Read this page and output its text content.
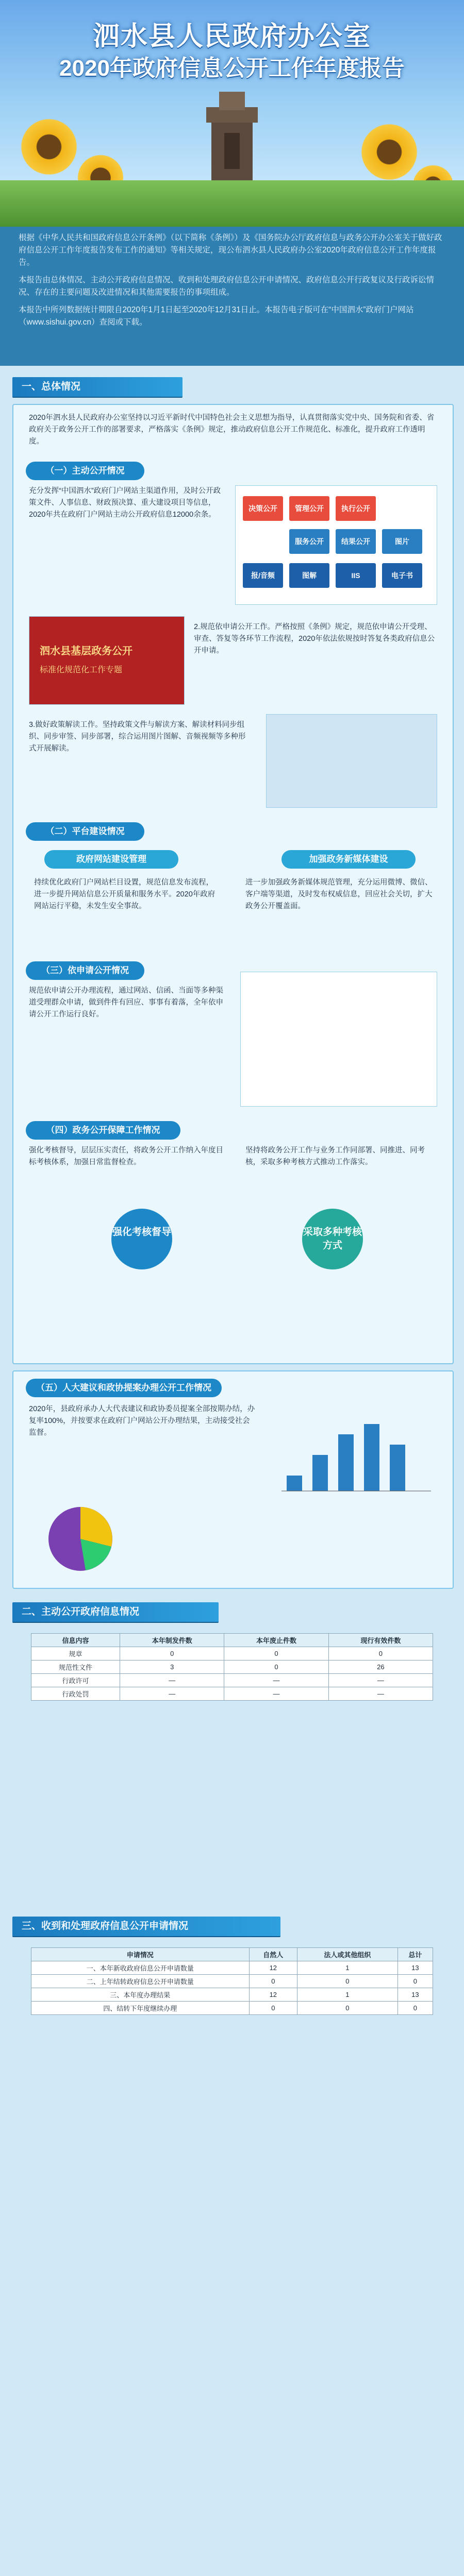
泗水县人民政府办公室
2020年政府信息公开工作年度报告

根据《中华人民共和国政府信息公开条例》（以下简称《条例》）及《国务院办公厅政府信息与政务公开办公室关于做好政府信息公开工作年度报告发布工作的通知》等相关规定，现公布泗水县人民政府办公室2020年政府信息公开工作年度报告。

本报告由总体情况、主动公开政府信息情况、收到和处理政府信息公开申请情况、政府信息公开行政复议及行政诉讼情况、存在的主要问题及改进情况和其他需要报告的事项组成。

本报告中所列数据统计期限自2020年1月1日起至2020年12月31日止。本报告电子版可在“中国泗水”政府门户网站（www.sishui.gov.cn）查阅或下载。

一、总体情况
2020年泗水县人民政府办公室坚持以习近平新时代中国特色社会主义思想为指导，认真贯彻落实党中央、国务院和省委、省政府关于政务公开工作的部署要求，严格落实《条例》规定，推动政府信息公开工作规范化、标准化，提升政府工作透明度。
（一）主动公开情况
充分发挥“中国泗水”政府门户网站主渠道作用，及时公开政策文件、人事信息、财政预决算、重大建设项目等信息，2020年共在政府门户网站主动公开政府信息12000余条。
决策公开	管理公开	执行公开
服务公开	结果公开	图片
报/音频	图解	IIS	电子书
泗水县基层政务公开
标准化规范化工作专题
2.规范依申请公开工作。严格按照《条例》规定，规范依申请公开受理、审查、答复等各环节工作流程，2020年依法依规按时答复各类政府信息公开申请。
3.做好政策解读工作。坚持政策文件与解读方案、解读材料同步组织、同步审签、同步部署，综合运用图片图解、音频视频等多种形式开展解读。
（二）平台建设情况
政府网站建设管理	加强政务新媒体建设
持续优化政府门户网站栏目设置，规范信息发布流程，进一步提升网站信息公开质量和服务水平。2020年政府网站运行平稳，未发生安全事故。
进一步加强政务新媒体规范管理，充分运用微博、微信、客户端等渠道，及时发布权威信息，回应社会关切，扩大政务公开覆盖面。
（三）依申请公开情况
规范依申请公开办理流程，通过网站、信函、当面等多种渠道受理群众申请，做到件件有回应、事事有着落，全年依申请公开工作运行良好。
（四）政务公开保障工作情况
强化考核督导，层层压实责任，将政务公开工作纳入年度目标考核体系，加强日常监督检查。
坚持将政务公开工作与业务工作同部署、同推进、同考核，采取多种考核方式推动工作落实。
强化考核督导	采取多种考核方式
（五）人大建议和政协提案办理公开工作情况
2020年，县政府承办人大代表建议和政协委员提案全部按期办结，办复率100%，并按要求在政府门户网站公开办理结果，主动接受社会监督。
二、主动公开政府信息情况
信息内容	本年制发件数	本年废止件数	现行有效件数
规章	0	0	0
规范性文件	3	0	26
行政许可	—	—	—
行政处罚	—	—	—
三、收到和处理政府信息公开申请情况
申请情况	自然人	法人或其他组织	总计
一、本年新收政府信息公开申请数量	12	1	13
二、上年结转政府信息公开申请数量	0	0	0
三、本年度办理结果	12	1	13
四、结转下年度继续办理	0	0	0
